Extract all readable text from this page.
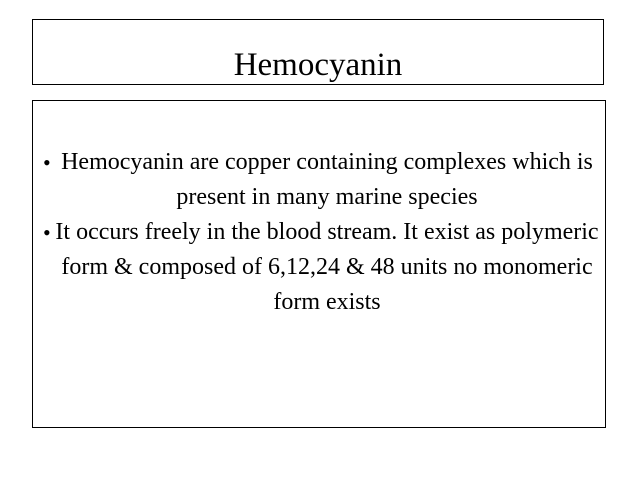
Hemocyanin
• Hemocyanin are copper containing complexes which is present in many marine species
• It occurs freely in the blood stream. It exist as polymeric form & composed of 6,12,24 & 48 units no monomeric form exists
